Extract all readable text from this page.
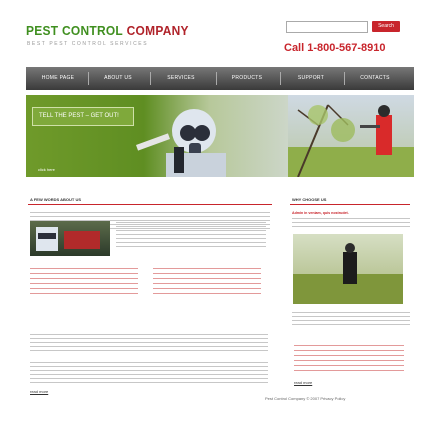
PEST CONTROL COMPANY
BEST PEST CONTROL SERVICES
Search
Call 1-800-567-8910
HOME PAGE	ABOUT US	SERVICES	PRODUCTS	SUPPORT	CONTACTS
TELL THE PEST – GET OUT!
click here
A FEW WORDS ABOUT US
read more
WHY CHOOSE US
Admin in veniam, quis nostrudet.
read more
Pest Control Company © 2007 Privacy Policy
